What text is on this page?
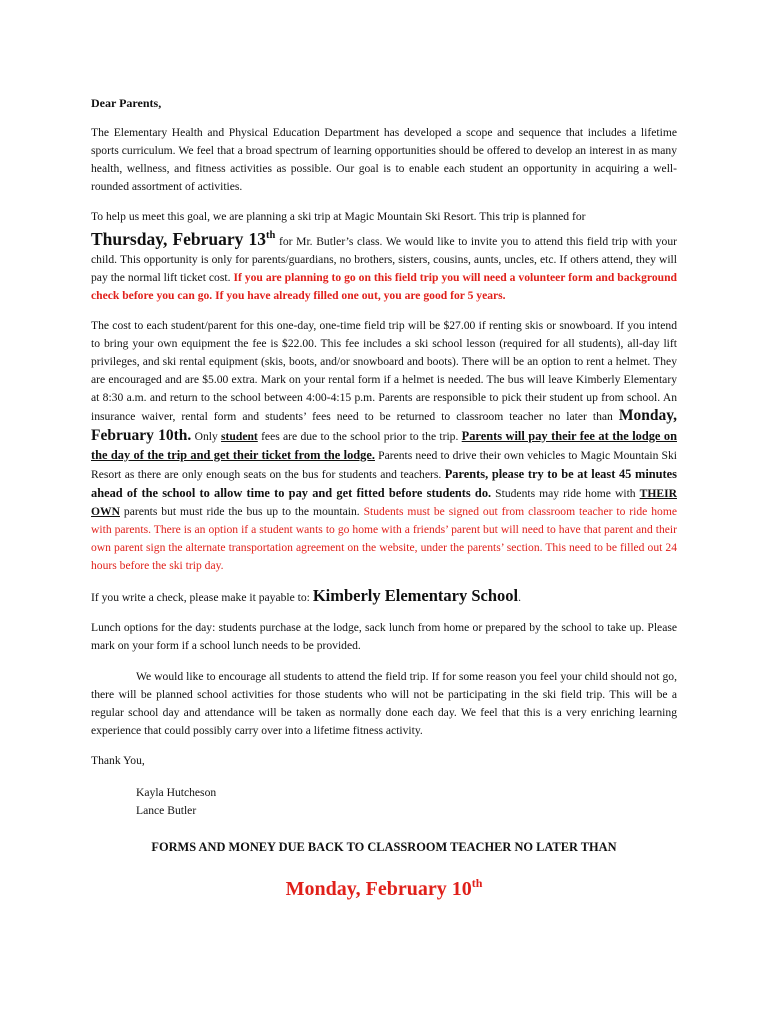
Dear Parents,

The Elementary Health and Physical Education Department has developed a scope and sequence that includes a lifetime sports curriculum. We feel that a broad spectrum of learning opportunities should be offered to develop an interest in as many health, wellness, and fitness activities as possible. Our goal is to enable each student an opportunity in acquiring a well-rounded assortment of activities.

To help us meet this goal, we are planning a ski trip at Magic Mountain Ski Resort. This trip is planned for
Thursday, February 13th for Mr. Butler’s class. We would like to invite you to attend this field trip with your child. This opportunity is only for parents/guardians, no brothers, sisters, cousins, aunts, uncles, etc. If others attend, they will pay the normal lift ticket cost. If you are planning to go on this field trip you will need a volunteer form and background check before you can go. If you have already filled one out, you are good for 5 years.

The cost to each student/parent for this one-day, one-time field trip will be $27.00 if renting skis or snowboard. If you intend to bring your own equipment the fee is $22.00. This fee includes a ski school lesson (required for all students), all-day lift privileges, and ski rental equipment (skis, boots, and/or snowboard and boots). There will be an option to rent a helmet. They are encouraged and are $5.00 extra. Mark on your rental form if a helmet is needed. The bus will leave Kimberly Elementary at 8:30 a.m. and return to the school between 4:00-4:15 p.m. Parents are responsible to pick their student up from school. An insurance waiver, rental form and students’ fees need to be returned to classroom teacher no later than Monday, February 10th. Only student fees are due to the school prior to the trip. Parents will pay their fee at the lodge on the day of the trip and get their ticket from the lodge. Parents need to drive their own vehicles to Magic Mountain Ski Resort as there are only enough seats on the bus for students and teachers. Parents, please try to be at least 45 minutes ahead of the school to allow time to pay and get fitted before students do. Students may ride home with THEIR OWN parents but must ride the bus up to the mountain. Students must be signed out from classroom teacher to ride home with parents. There is an option if a student wants to go home with a friends’ parent but will need to have that parent and their own parent sign the alternate transportation agreement on the website, under the parents’ section. This need to be filled out 24 hours before the ski trip day.

If you write a check, please make it payable to: Kimberly Elementary School.

Lunch options for the day: students purchase at the lodge, sack lunch from home or prepared by the school to take up. Please mark on your form if a school lunch needs to be provided.

We would like to encourage all students to attend the field trip. If for some reason you feel your child should not go, there will be planned school activities for those students who will not be participating in the ski field trip. This will be a regular school day and attendance will be taken as normally done each day. We feel that this is a very enriching learning experience that could possibly carry over into a lifetime fitness activity.

Thank You,

Kayla Hutcheson

Lance Butler

FORMS AND MONEY DUE BACK TO CLASSROOM TEACHER NO LATER THAN

Monday, February 10th
